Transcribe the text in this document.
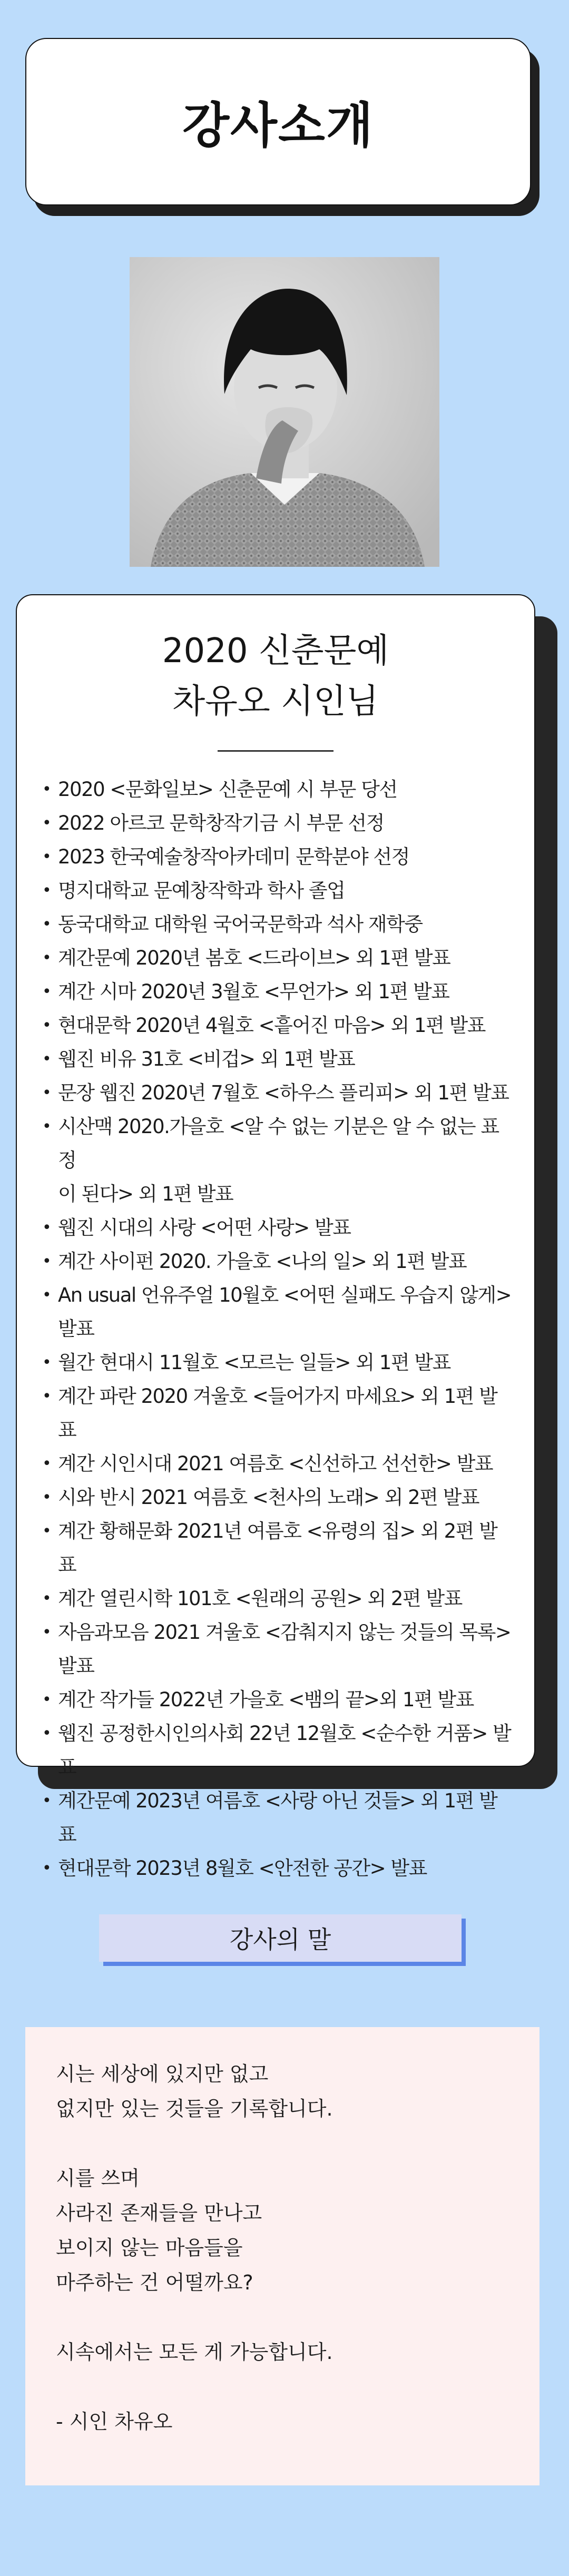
강사소개
2020 신춘문예
차유오 시인님
• 2020 <문화일보> 신춘문예 시 부문 당선
• 2022 아르코 문학창작기금 시 부문 선정
• 2023 한국예술창작아카데미 문학분야 선정
• 명지대학교 문예창작학과 학사 졸업
• 동국대학교 대학원 국어국문학과 석사 재학중
• 계간문예 2020년 봄호 <드라이브> 외 1편 발표
• 계간 시마 2020년 3월호 <무언가> 외 1편 발표
• 현대문학 2020년 4월호 <흩어진 마음> 외 1편 발표
• 웹진 비유 31호 <비겁> 외 1편 발표
• 문장 웹진 2020년 7월호 <하우스 플리피> 외 1편 발표
• 시산맥 2020.가을호 <알 수 없는 기분은 알 수 없는 표정
이 된다> 외 1편 발표
• 웹진 시대의 사랑 <어떤 사랑> 발표
• 계간 사이펀 2020. 가을호 <나의 일> 외 1편 발표
• An usual 언유주얼 10월호 <어떤 실패도 우습지 않게>
발표
• 월간 현대시 11월호 <모르는 일들> 외 1편 발표
• 계간 파란 2020 겨울호 <들어가지 마세요> 외 1편 발표
• 계간 시인시대 2021 여름호 <신선하고 선선한> 발표
• 시와 반시 2021 여름호 <천사의 노래> 외 2편 발표
• 계간 황해문화 2021년 여름호 <유령의 집> 외 2편 발표
• 계간 열린시학 101호 <원래의 공원> 외 2편 발표
• 자음과모음 2021 겨울호 <감춰지지 않는 것들의 목록>
발표
• 계간 작가들 2022년 가을호 <뱀의 끝>외 1편 발표
• 웹진 공정한시인의사회 22년 12월호 <순수한 거품> 발표
• 계간문예 2023년 여름호 <사랑 아닌 것들> 외 1편 발표
• 현대문학 2023년 8월호 <안전한 공간> 발표
강사의 말
시는 세상에 있지만 없고
없지만 있는 것들을 기록합니다.
시를 쓰며
사라진 존재들을 만나고
보이지 않는 마음들을
마주하는 건 어떨까요?
시속에서는 모든 게 가능합니다.
- 시인 차유오
